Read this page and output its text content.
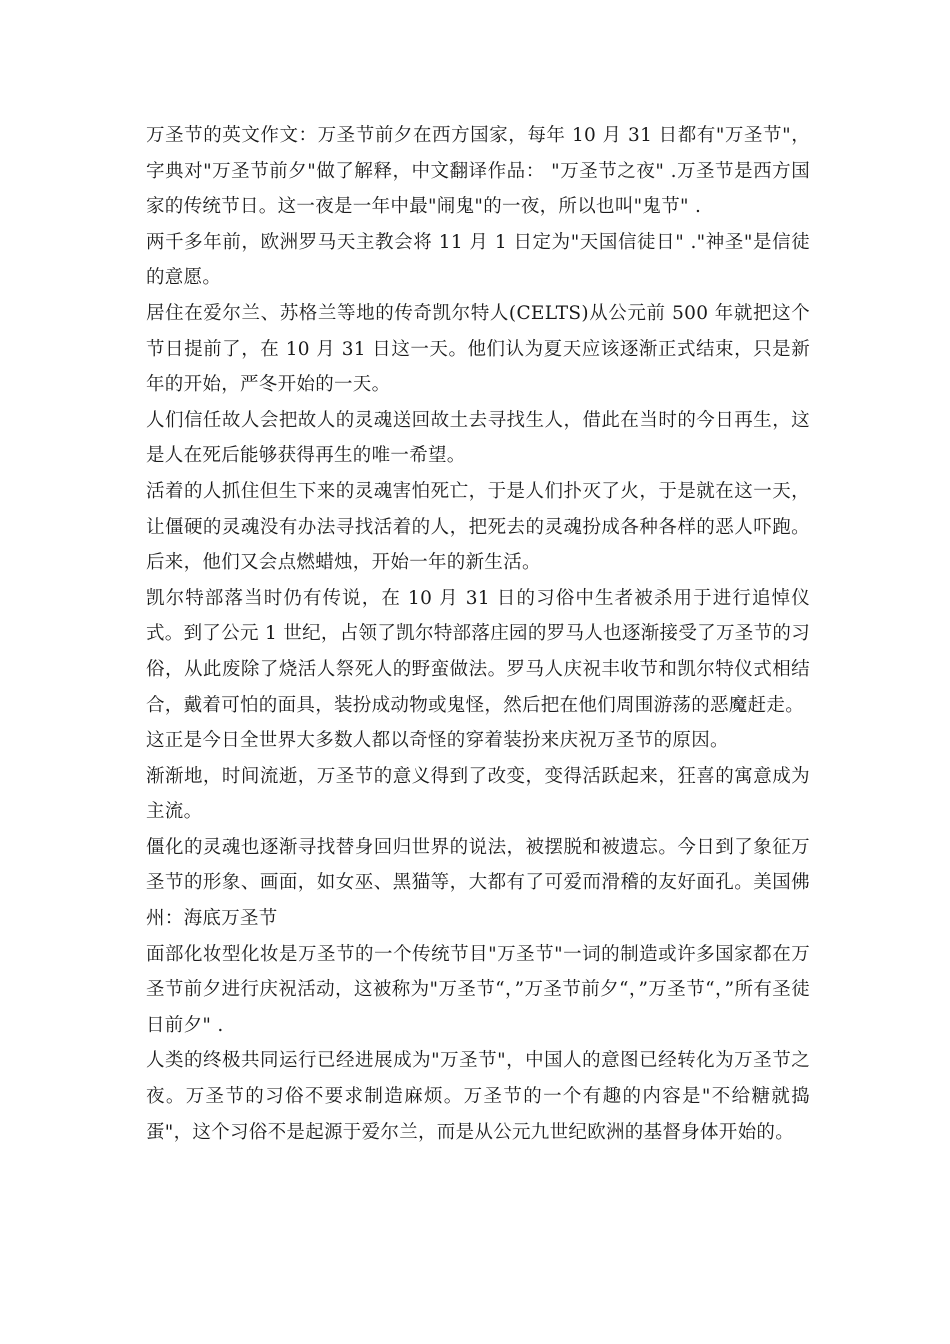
万圣节的英文作文：万圣节前夕在西方国家，每年 10 月 31 日都有"万圣节"，字典对"万圣节前夕"做了解释，中文翻译作品： "万圣节之夜" .万圣节是西方国家的传统节日。这一夜是一年中最"闹鬼"的一夜，所以也叫"鬼节" .

两千多年前，欧洲罗马天主教会将 11 月 1 日定为"天国信徒日" ."神圣"是信徒的意愿。

居住在爱尔兰、苏格兰等地的传奇凯尔特人(CELTS)从公元前 500 年就把这个节日提前了，在 10 月 31 日这一天。他们认为夏天应该逐渐正式结束，只是新年的开始，严冬开始的一天。

人们信任故人会把故人的灵魂送回故土去寻找生人，借此在当时的今日再生，这是人在死后能够获得再生的唯一希望。

活着的人抓住但生下来的灵魂害怕死亡，于是人们扑灭了火，于是就在这一天，让僵硬的灵魂没有办法寻找活着的人，把死去的灵魂扮成各种各样的恶人吓跑。后来，他们又会点燃蜡烛，开始一年的新生活。

凯尔特部落当时仍有传说，在 10 月 31 日的习俗中生者被杀用于进行追悼仪式。到了公元 1 世纪，占领了凯尔特部落庄园的罗马人也逐渐接受了万圣节的习俗，从此废除了烧活人祭死人的野蛮做法。罗马人庆祝丰收节和凯尔特仪式相结合，戴着可怕的面具，装扮成动物或鬼怪，然后把在他们周围游荡的恶魔赶走。

这正是今日全世界大多数人都以奇怪的穿着装扮来庆祝万圣节的原因。

渐渐地，时间流逝，万圣节的意义得到了改变，变得活跃起来，狂喜的寓意成为主流。

僵化的灵魂也逐渐寻找替身回归世界的说法，被摆脱和被遗忘。今日到了象征万圣节的形象、画面，如女巫、黑猫等，大都有了可爱而滑稽的友好面孔。美国佛州：海底万圣节

面部化妆型化妆是万圣节的一个传统节目"万圣节"一词的制造或许多国家都在万圣节前夕进行庆祝活动，这被称为"万圣节“，”万圣节前夕“，”万圣节“，”所有圣徒日前夕" .

人类的终极共同运行已经进展成为"万圣节"，中国人的意图已经转化为万圣节之夜。万圣节的习俗不要求制造麻烦。万圣节的一个有趣的内容是"不给糖就捣蛋"，这个习俗不是起源于爱尔兰，而是从公元九世纪欧洲的基督身体开始的。
